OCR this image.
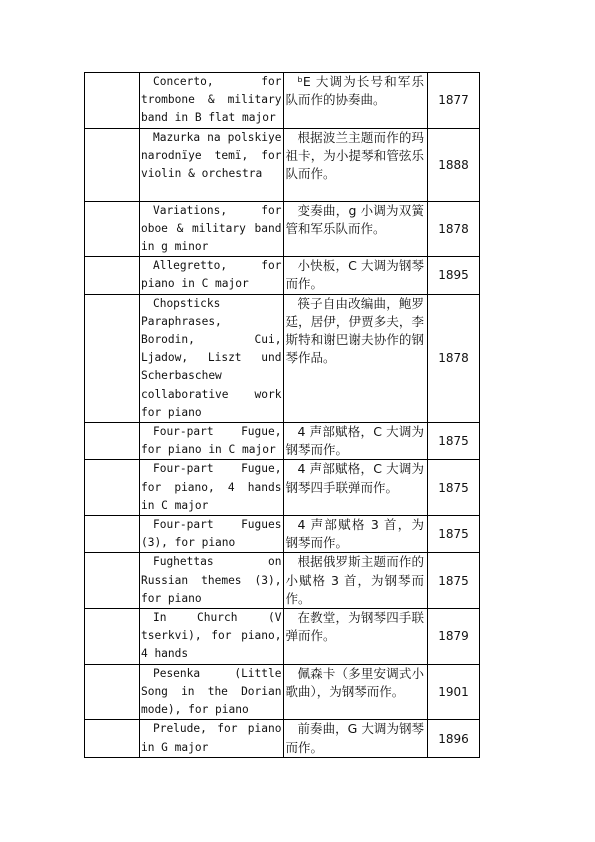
	Concerto, for trombone & military band in B flat major	ᵇE 大调为长号和军乐队而作的协奏曲。	1877

	Mazurka na polskiye narodnïye temï, for violin & orchestra	根据波兰主题而作的玛祖卡，为小提琴和管弦乐队而作。	1888

	Variations, for oboe & military band in g minor	变奏曲，g 小调为双簧管和军乐队而作。	1878

	Allegretto, for piano in C major	小快板，C 大调为钢琴而作。	1895

	Chopsticks Paraphrases, Borodin, Cui, Ljadow, Liszt und Scherbaschew collaborative work for piano	筷子自由改编曲，鲍罗廷，居伊，伊贾多夫，李斯特和谢巴谢夫协作的钢琴作品。	1878

	Four-part Fugue, for piano in C major	4 声部赋格，C 大调为钢琴而作。	1875

	Four-part Fugue, for piano, 4 hands in C major	4 声部赋格，C 大调为钢琴四手联弹而作。	1875

	Four-part Fugues (3), for piano	4 声部赋格 3 首，为钢琴而作。	1875

	Fughettas on Russian themes (3), for piano	根据俄罗斯主题而作的小赋格 3 首，为钢琴而作。	1875

	In Church (V tserkvi), for piano, 4 hands	在教堂，为钢琴四手联弹而作。	1879

	Pesenka (Little Song in the Dorian mode), for piano	佩森卡（多里安调式小歌曲），为钢琴而作。	1901

	Prelude, for piano in G major	前奏曲，G 大调为钢琴而作。	1896
